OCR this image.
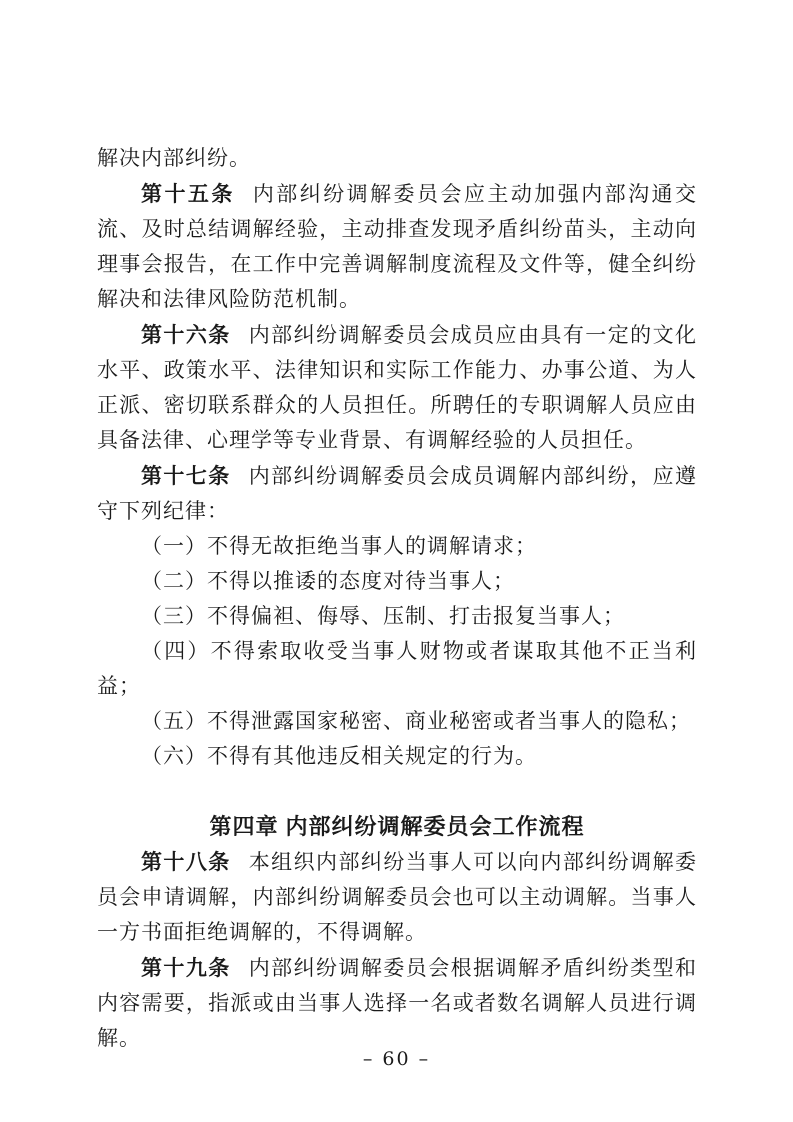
解决内部纠纷。

第十五条 内部纠纷调解委员会应主动加强内部沟通交流、及时总结调解经验，主动排查发现矛盾纠纷苗头，主动向理事会报告，在工作中完善调解制度流程及文件等，健全纠纷解决和法律风险防范机制。

第十六条 内部纠纷调解委员会成员应由具有一定的文化水平、政策水平、法律知识和实际工作能力、办事公道、为人正派、密切联系群众的人员担任。所聘任的专职调解人员应由具备法律、心理学等专业背景、有调解经验的人员担任。

第十七条 内部纠纷调解委员会成员调解内部纠纷，应遵守下列纪律：

（一）不得无故拒绝当事人的调解请求；

（二）不得以推诿的态度对待当事人；

（三）不得偏袒、侮辱、压制、打击报复当事人；

（四）不得索取收受当事人财物或者谋取其他不正当利益；

（五）不得泄露国家秘密、商业秘密或者当事人的隐私；

（六）不得有其他违反相关规定的行为。

第四章 内部纠纷调解委员会工作流程

第十八条 本组织内部纠纷当事人可以向内部纠纷调解委员会申请调解，内部纠纷调解委员会也可以主动调解。当事人一方书面拒绝调解的，不得调解。

第十九条 内部纠纷调解委员会根据调解矛盾纠纷类型和内容需要，指派或由当事人选择一名或者数名调解人员进行调解。

– 60 –
